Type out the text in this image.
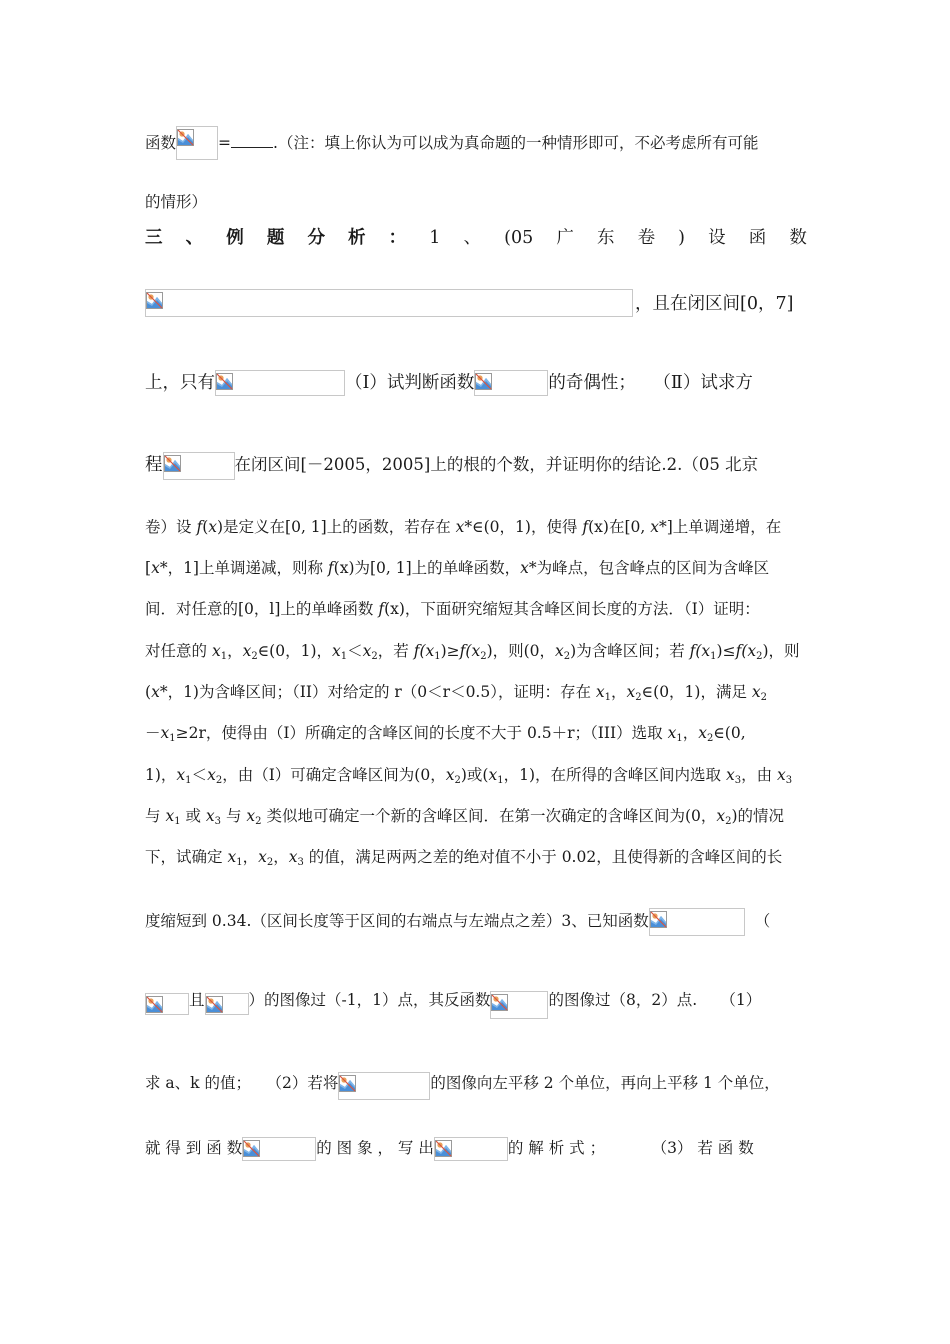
函数	=	.（注：填上你认为可以成为真命题的一种情形即可，不必考虑所有可能
的情形）
三 、 例 题 分 析 ： 1 、 (05 广 东 卷 ) 设 函 数
，且在闭区间[0，7]
上，只有	（Ⅰ）试判断函数	的奇偶性；　　（Ⅱ）试求方
程	在闭区间[－2005，2005]上的根的个数，并证明你的结论.2.（05 北京
卷）设 f(x)是定义在[0, 1]上的函数，若存在 x*∈(0，1)，使得 f(x)在[0, x*]上单调递增，在
[x*，1]上单调递减，则称 f(x)为[0, 1]上的单峰函数，x*为峰点，包含峰点的区间为含峰区
间．对任意的[0，l]上的单峰函数 f(x)，下面研究缩短其含峰区间长度的方法．（I）证明：
对任意的 $x_1$，$x_2\in(0$，1)，$x_1<x_2$，若 $f(x_1)\ge f(x_2)$，则(0，$x_2$)为含峰区间；若 $f(x_1)\le f(x_2)$，则
(x*，1)为含峰区间；（II）对给定的 r（0＜r＜0.5），证明：存在 $x_1$，$x_2\in(0$，1)，满足 $x_2$
$-x_1\ge 2r$，使得由（I）所确定的含峰区间的长度不大于 0.5＋r；（III）选取 $x_1$，$x_2\in(0$,
1)，$x_1<x_2$，由（I）可确定含峰区间为(0，$x_2$)或($x_1$，1)，在所得的含峰区间内选取 $x_3$，由 $x_3$
与 $x_1$ 或 $x_3$ 与 $x_2$ 类似地可确定一个新的含峰区间．在第一次确定的含峰区间为(0，$x_2$)的情况
下，试确定 $x_1$，$x_2$，$x_3$ 的值，满足两两之差的绝对值不小于 0.02，且使得新的含峰区间的长
度缩短到 0.34.（区间长度等于区间的右端点与左端点之差）3、已知函数	（
且	）的图像过（-1，1）点，其反函数	的图像过（8，2）点.　　（1）
求 a、k 的值；　　（2）若将	的图像向左平移 2 个单位，再向上平移 1 个单位，
就 得 到 函 数	的 图 象 ， 写 出	的 解 析 式 ；　　　　（3） 若 函 数
